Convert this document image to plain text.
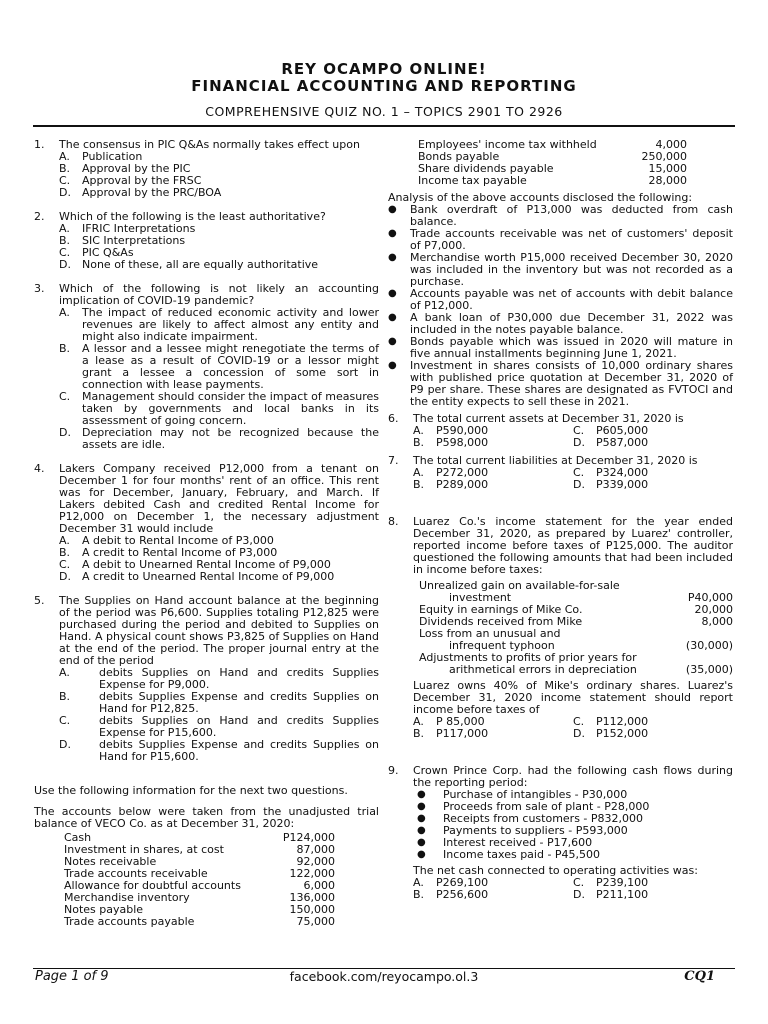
REY OCAMPO ONLINE!
FINANCIAL ACCOUNTING AND REPORTING
COMPREHENSIVE QUIZ NO. 1 – TOPICS 2901 TO 2926
1.	The consensus in PIC Q&As normally takes effect upon
A.	Publication
B.	Approval by the PIC
C.	Approval by the FRSC
D.	Approval by the PRC/BOA
2.	Which of the following is the least authoritative?
A.	IFRIC Interpretations
B.	SIC Interpretations
C.	PIC Q&As
D.	None of these, all are equally authoritative
3.	Which of the following is not likely an accounting implication of COVID-19 pandemic?
A.	The impact of reduced economic activity and lower revenues are likely to affect almost any entity and might also indicate impairment.
B.	A lessor and a lessee might renegotiate the terms of a lease as a result of COVID-19 or a lessor might grant a lessee a concession of some sort in connection with lease payments.
C.	Management should consider the impact of measures taken by governments and local banks in its assessment of going concern.
D.	Depreciation may not be recognized because the assets are idle.
4.	Lakers Company received P12,000 from a tenant on December 1 for four months' rent of an office. This rent was for December, January, February, and March. If Lakers debited Cash and credited Rental Income for P12,000 on December 1, the necessary adjustment December 31 would include
A.	A debit to Rental Income of P3,000
B.	A credit to Rental Income of P3,000
C.	A debit to Unearned Rental Income of P9,000
D.	A credit to Unearned Rental Income of P9,000
5.	The Supplies on Hand account balance at the beginning of the period was P6,600. Supplies totaling P12,825 were purchased during the period and debited to Supplies on Hand. A physical count shows P3,825 of Supplies on Hand at the end of the period. The proper journal entry at the end of the period
A.	debits Supplies on Hand and credits Supplies Expense for P9,000.
B.	debits Supplies Expense and credits Supplies on Hand for P12,825.
C.	debits Supplies on Hand and credits Supplies Expense for P15,600.
D.	debits Supplies Expense and credits Supplies on Hand for P15,600.
Use the following information for the next two questions.
The accounts below were taken from the unadjusted trial balance of VECO Co. as at December 31, 2020:
Cash	P124,000
Investment in shares, at cost	87,000
Notes receivable	92,000
Trade accounts receivable	122,000
Allowance for doubtful accounts	6,000
Merchandise inventory	136,000
Notes payable	150,000
Trade accounts payable	75,000
Employees' income tax withheld	4,000
Bonds payable	250,000
Share dividends payable	15,000
Income tax payable	28,000
Analysis of the above accounts disclosed the following:
●	Bank overdraft of P13,000 was deducted from cash balance.
●	Trade accounts receivable was net of customers' deposit of P7,000.
●	Merchandise worth P15,000 received December 30, 2020 was included in the inventory but was not recorded as a purchase.
●	Accounts payable was net of accounts with debit balance of P12,000.
●	A bank loan of P30,000 due December 31, 2022 was included in the notes payable balance.
●	Bonds payable which was issued in 2020 will mature in five annual installments beginning June 1, 2021.
●	Investment in shares consists of 10,000 ordinary shares with published price quotation at December 31, 2020 of P9 per share. These shares are designated as FVTOCI and the entity expects to sell these in 2021.
6.	The total current assets at December 31, 2020 is
A.	P590,000	C.	P605,000
B.	P598,000	D.	P587,000
7.	The total current liabilities at December 31, 2020 is
A.	P272,000	C.	P324,000
B.	P289,000	D.	P339,000
8.	Luarez Co.'s income statement for the year ended December 31, 2020, as prepared by Luarez' controller, reported income before taxes of P125,000. The auditor questioned the following amounts that had been included in income before taxes:
Unrealized gain on available-for-sale
investment	P40,000
Equity in earnings of Mike Co.	20,000
Dividends received from Mike	8,000
Loss from an unusual and
infrequent typhoon	(30,000)
Adjustments to profits of prior years for
arithmetical errors in depreciation	(35,000)
Luarez owns 40% of Mike's ordinary shares. Luarez's December 31, 2020 income statement should report income before taxes of
A.	P 85,000	C.	P112,000
B.	P117,000	D.	P152,000
9.	Crown Prince Corp. had the following cash flows during the reporting period:
●	Purchase of intangibles - P30,000
●	Proceeds from sale of plant - P28,000
●	Receipts from customers - P832,000
●	Payments to suppliers - P593,000
●	Interest received - P17,600
●	Income taxes paid - P45,500
The net cash connected to operating activities was:
A.	P269,100	C.	P239,100
B.	P256,600	D.	P211,100
Page 1 of 9	facebook.com/reyocampo.ol.3	CQ1
